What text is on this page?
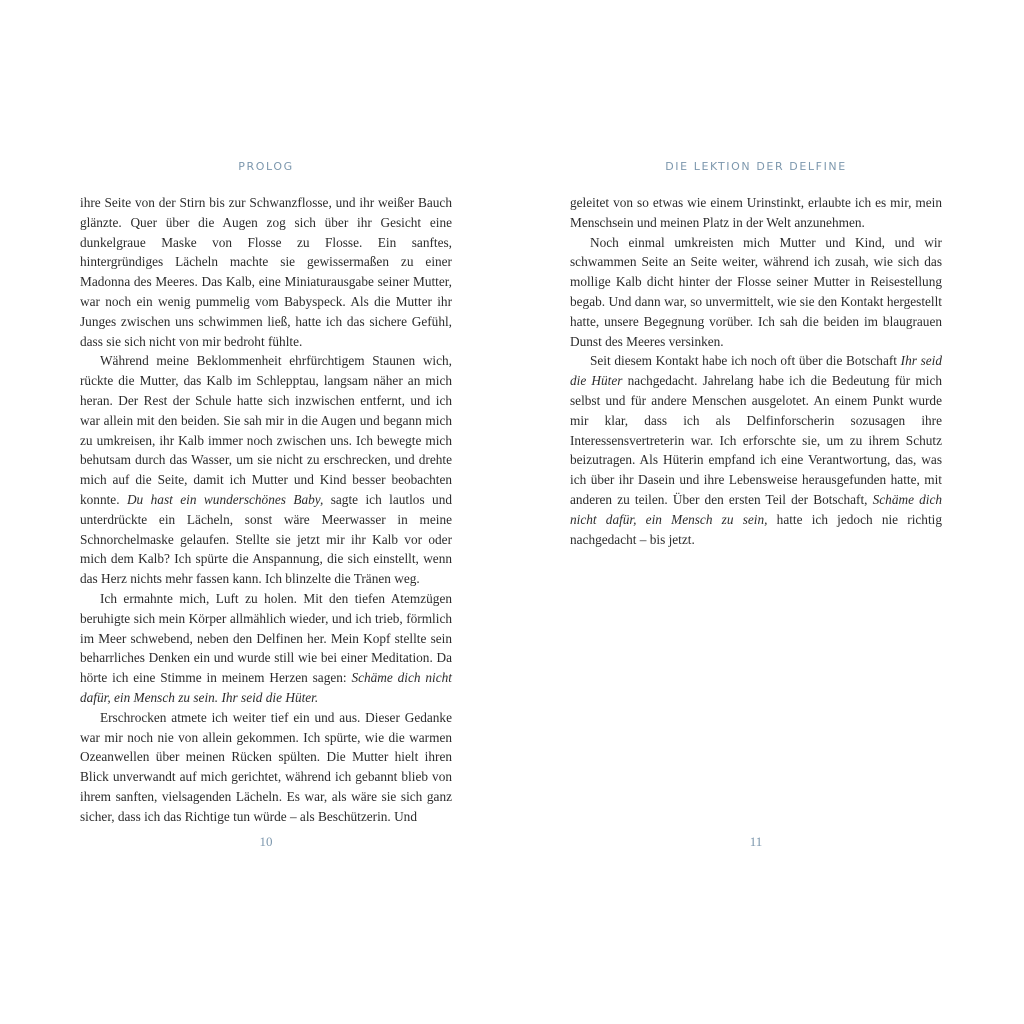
PROLOG

ihre Seite von der Stirn bis zur Schwanzflosse, und ihr weißer Bauch glänzte. Quer über die Augen zog sich über ihr Gesicht eine dunkelgraue Maske von Flosse zu Flosse. Ein sanftes, hintergründiges Lächeln machte sie gewissermaßen zu einer Madonna des Meeres. Das Kalb, eine Miniaturausgabe seiner Mutter, war noch ein wenig pummelig vom Babyspeck. Als die Mutter ihr Junges zwischen uns schwimmen ließ, hatte ich das sichere Gefühl, dass sie sich nicht von mir bedroht fühlte.

Während meine Beklommenheit ehrfürchtigem Staunen wich, rückte die Mutter, das Kalb im Schlepptau, langsam näher an mich heran. Der Rest der Schule hatte sich inzwischen entfernt, und ich war allein mit den beiden. Sie sah mir in die Augen und begann mich zu umkreisen, ihr Kalb immer noch zwischen uns. Ich bewegte mich behutsam durch das Wasser, um sie nicht zu erschrecken, und drehte mich auf die Seite, damit ich Mutter und Kind besser beobachten konnte. Du hast ein wunderschönes Baby, sagte ich lautlos und unterdrückte ein Lächeln, sonst wäre Meerwasser in meine Schnorchelmaske gelaufen. Stellte sie jetzt mir ihr Kalb vor oder mich dem Kalb? Ich spürte die Anspannung, die sich einstellt, wenn das Herz nichts mehr fassen kann. Ich blinzelte die Tränen weg.

Ich ermahnte mich, Luft zu holen. Mit den tiefen Atemzügen beruhigte sich mein Körper allmählich wieder, und ich trieb, förmlich im Meer schwebend, neben den Delfinen her. Mein Kopf stellte sein beharrliches Denken ein und wurde still wie bei einer Meditation. Da hörte ich eine Stimme in meinem Herzen sagen: Schäme dich nicht dafür, ein Mensch zu sein. Ihr seid die Hüter.

Erschrocken atmete ich weiter tief ein und aus. Dieser Gedanke war mir noch nie von allein gekommen. Ich spürte, wie die warmen Ozeanwellen über meinen Rücken spülten. Die Mutter hielt ihren Blick unverwandt auf mich gerichtet, während ich gebannt blieb von ihrem sanften, vielsagenden Lächeln. Es war, als wäre sie sich ganz sicher, dass ich das Richtige tun würde – als Beschützerin. Und

10
DIE LEKTION DER DELFINE

geleitet von so etwas wie einem Urinstinkt, erlaubte ich es mir, mein Menschsein und meinen Platz in der Welt anzunehmen.

Noch einmal umkreisten mich Mutter und Kind, und wir schwammen Seite an Seite weiter, während ich zusah, wie sich das mollige Kalb dicht hinter der Flosse seiner Mutter in Reisestellung begab. Und dann war, so unvermittelt, wie sie den Kontakt hergestellt hatte, unsere Begegnung vorüber. Ich sah die beiden im blaugrauen Dunst des Meeres versinken.

Seit diesem Kontakt habe ich noch oft über die Botschaft Ihr seid die Hüter nachgedacht. Jahrelang habe ich die Bedeutung für mich selbst und für andere Menschen ausgelotet. An einem Punkt wurde mir klar, dass ich als Delfinforscherin sozusagen ihre Interessensvertreterin war. Ich erforschte sie, um zu ihrem Schutz beizutragen. Als Hüterin empfand ich eine Verantwortung, das, was ich über ihr Dasein und ihre Lebensweise herausgefunden hatte, mit anderen zu teilen. Über den ersten Teil der Botschaft, Schäme dich nicht dafür, ein Mensch zu sein, hatte ich jedoch nie richtig nachgedacht – bis jetzt.

11
